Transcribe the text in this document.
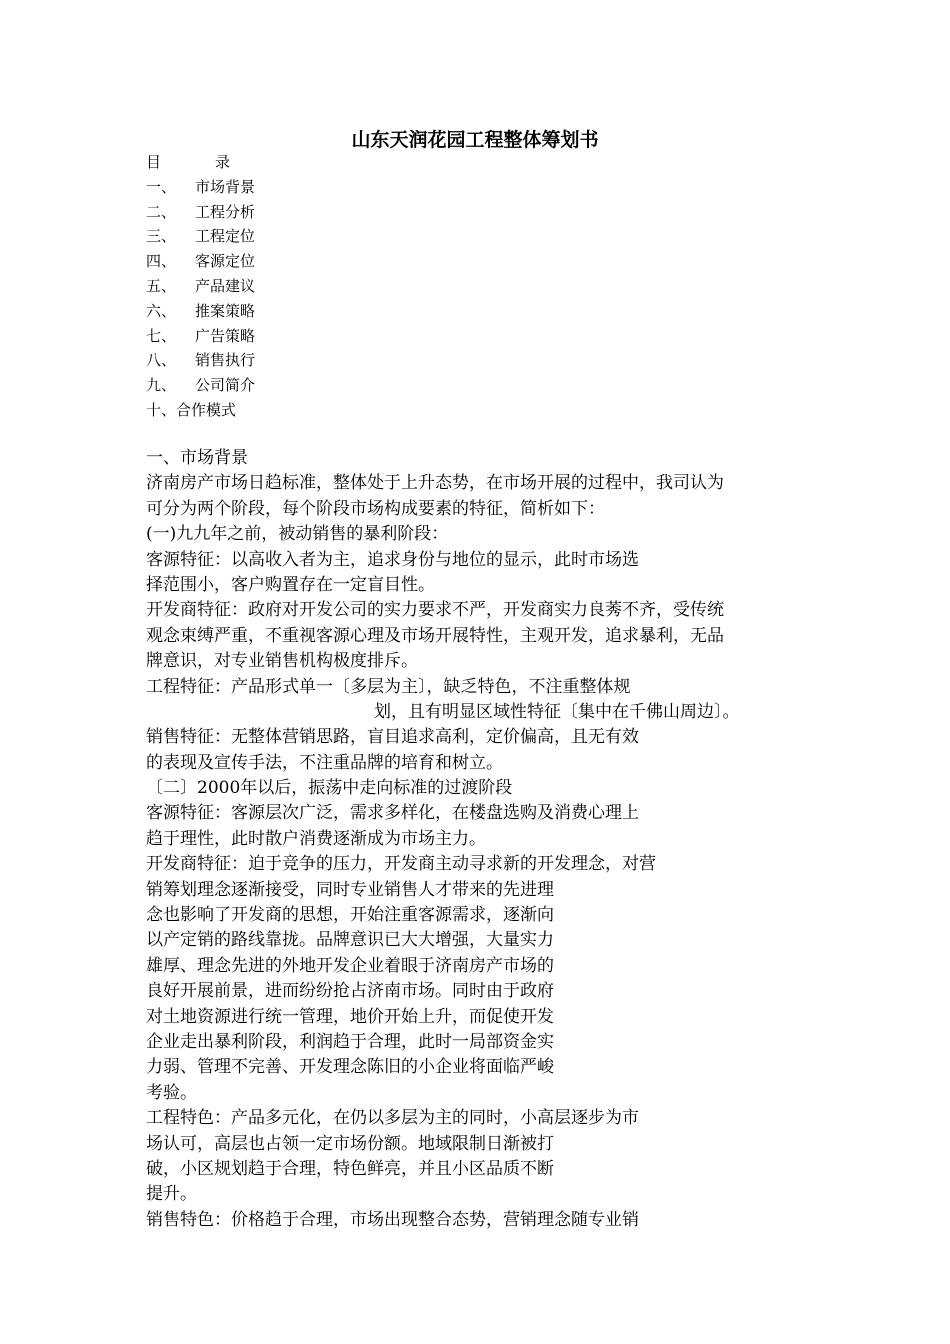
山东天润花园工程整体筹划书
目	录
一、 市场背景
二、 工程分析
三、 工程定位
四、 客源定位
五、 产品建议
六、 推案策略
七、 广告策略
八、 销售执行
九、 公司简介
十、合作模式
一、市场背景
济南房产市场日趋标准，整体处于上升态势，在市场开展的过程中，我司认为
可分为两个阶段，每个阶段市场构成要素的特征，简析如下：
(一)九九年之前，被动销售的暴利阶段：
客源特征：以高收入者为主，追求身份与地位的显示，此时市场选
择范围小，客户购置存在一定盲目性。
开发商特征：政府对开发公司的实力要求不严，开发商实力良莠不齐，受传统
观念束缚严重，不重视客源心理及市场开展特性，主观开发，追求暴利，无品
牌意识，对专业销售机构极度排斥。
工程特征：产品形式单一〔多层为主〕，缺乏特色，不注重整体规
划，且有明显区域性特征〔集中在千佛山周边〕。
销售特征：无整体营销思路，盲目追求高利，定价偏高，且无有效
的表现及宣传手法，不注重品牌的培育和树立。
〔二〕2000年以后，振荡中走向标准的过渡阶段
客源特征：客源层次广泛，需求多样化，在楼盘选购及消费心理上
趋于理性，此时散户消费逐渐成为市场主力。
开发商特征：迫于竞争的压力，开发商主动寻求新的开发理念，对营
销筹划理念逐渐接受，同时专业销售人才带来的先进理
念也影响了开发商的思想，开始注重客源需求，逐渐向
以产定销的路线靠拢。品牌意识已大大增强，大量实力
雄厚、理念先进的外地开发企业着眼于济南房产市场的
良好开展前景，进而纷纷抢占济南市场。同时由于政府
对土地资源进行统一管理，地价开始上升，而促使开发
企业走出暴利阶段，利润趋于合理，此时一局部资金实
力弱、管理不完善、开发理念陈旧的小企业将面临严峻
考验。
工程特色：产品多元化，在仍以多层为主的同时，小高层逐步为市
场认可，高层也占领一定市场份额。地域限制日渐被打
破，小区规划趋于合理，特色鲜亮，并且小区品质不断
提升。
销售特色：价格趋于合理，市场出现整合态势，营销理念随专业销
